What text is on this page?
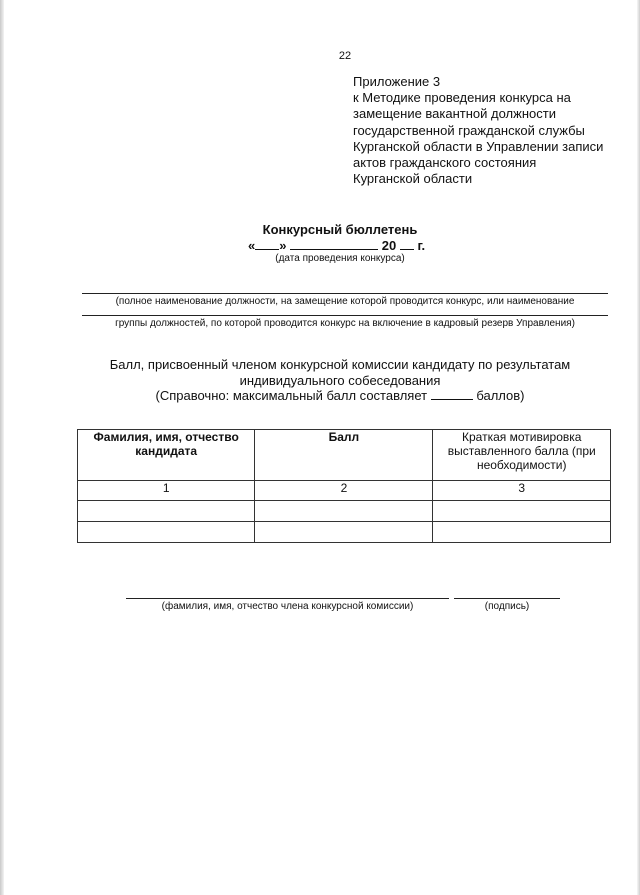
22
Приложение 3
к Методике проведения конкурса на
замещение вакантной должности
государственной гражданской службы
Курганской области в Управлении записи
актов гражданского состояния
Курганской области
Конкурсный бюллетень
« »	20 г.
(дата проведения конкурса)
(полное наименование должности, на замещение которой проводится конкурс, или наименование
группы должностей, по которой проводится конкурс на включение в кадровый резерв Управления)
Балл, присвоенный членом конкурсной комиссии кандидату по результатам
индивидуального собеседования
(Справочно: максимальный балл составляет	баллов)
Фамилия, имя, отчество кандидата	Балл	Краткая мотивировка выставленного балла (при необходимости)
1	2	3

(фамилия, имя, отчество члена конкурсной комиссии)	(подпись)
